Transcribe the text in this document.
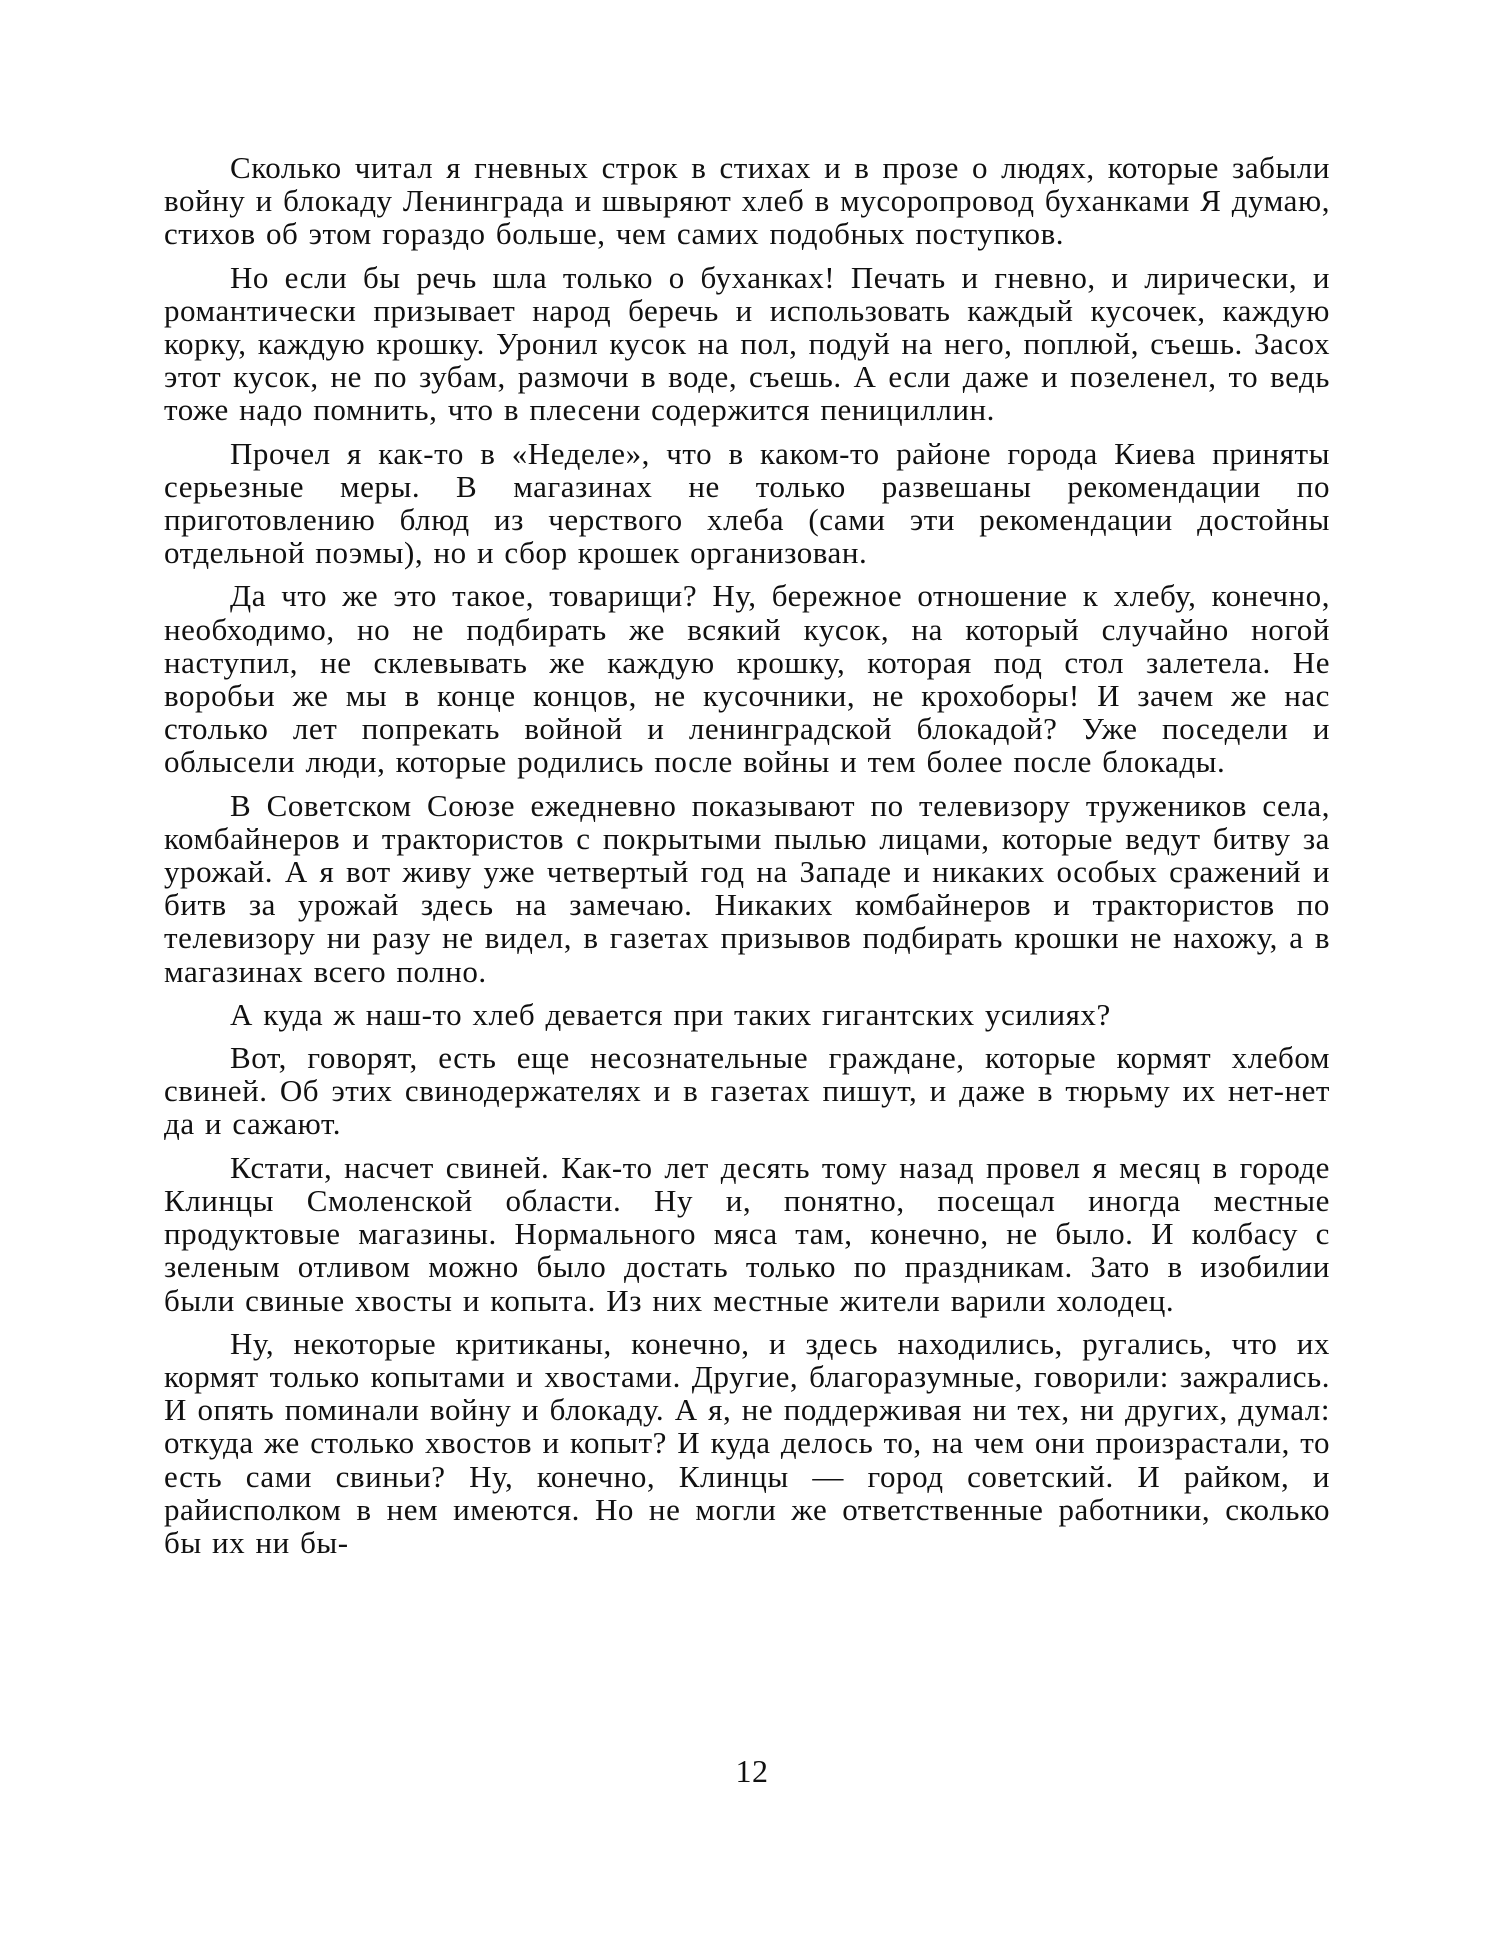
Сколько читал я гневных строк в стихах и в прозе о людях, которые забыли войну и блокаду Ленинграда и швыряют хлеб в мусоропровод буханками Я думаю, стихов об этом гораздо больше, чем самих подобных поступков.

Но если бы речь шла только о буханках! Печать и гневно, и лирически, и романтически призывает народ беречь и использовать каждый кусочек, каждую корку, каждую крошку. Уронил кусок на пол, подуй на него, поплюй, съешь. Засох этот кусок, не по зубам, размочи в воде, съешь. А если даже и позеленел, то ведь тоже надо помнить, что в плесени содержится пенициллин.

Прочел я как-то в «Неделе», что в каком-то районе города Киева приняты серьезные меры. В магазинах не только развешаны рекомендации по приготовлению блюд из черствого хлеба (сами эти рекомендации достойны отдельной поэмы), но и сбор крошек организован.

Да что же это такое, товарищи? Ну, бережное отношение к хлебу, конечно, необходимо, но не подбирать же всякий кусок, на который случайно ногой наступил, не склевывать же каждую крошку, которая под стол залетела. Не воробьи же мы в конце концов, не кусочники, не крохоборы! И зачем же нас столько лет попрекать войной и ленинградской блокадой? Уже поседели и облысели люди, которые родились после войны и тем более после блокады.

В Советском Союзе ежедневно показывают по телевизору тружеников села, комбайнеров и трактористов с покрытыми пылью лицами, которые ведут битву за урожай. А я вот живу уже четвертый год на Западе и никаких особых сражений и битв за урожай здесь на замечаю. Никаких комбайнеров и трактористов по телевизору ни разу не видел, в газетах призывов подбирать крошки не нахожу, а в магазинах всего полно.

А куда ж наш-то хлеб девается при таких гигантских усилиях?

Вот, говорят, есть еще несознательные граждане, которые кормят хлебом свиней. Об этих свинодержателях и в газетах пишут, и даже в тюрьму их нет-нет да и сажают.

Кстати, насчет свиней. Как-то лет десять тому назад провел я месяц в городе Клинцы Смоленской области. Ну и, понятно, посещал иногда местные продуктовые магазины. Нормального мяса там, конечно, не было. И колбасу с зеленым отливом можно было достать только по праздникам. Зато в изобилии были свиные хвосты и копыта. Из них местные жители варили холодец.

Ну, некоторые критиканы, конечно, и здесь находились, ругались, что их кормят только копытами и хвостами. Другие, благоразумные, говорили: зажрались. И опять поминали войну и блокаду. А я, не поддерживая ни тех, ни других, думал: откуда же столько хвостов и копыт? И куда делось то, на чем они произрастали, то есть сами свиньи? Ну, конечно, Клинцы — город советский. И райком, и райисполком в нем имеются. Но не могли же ответственные работники, сколько бы их ни бы-

12
